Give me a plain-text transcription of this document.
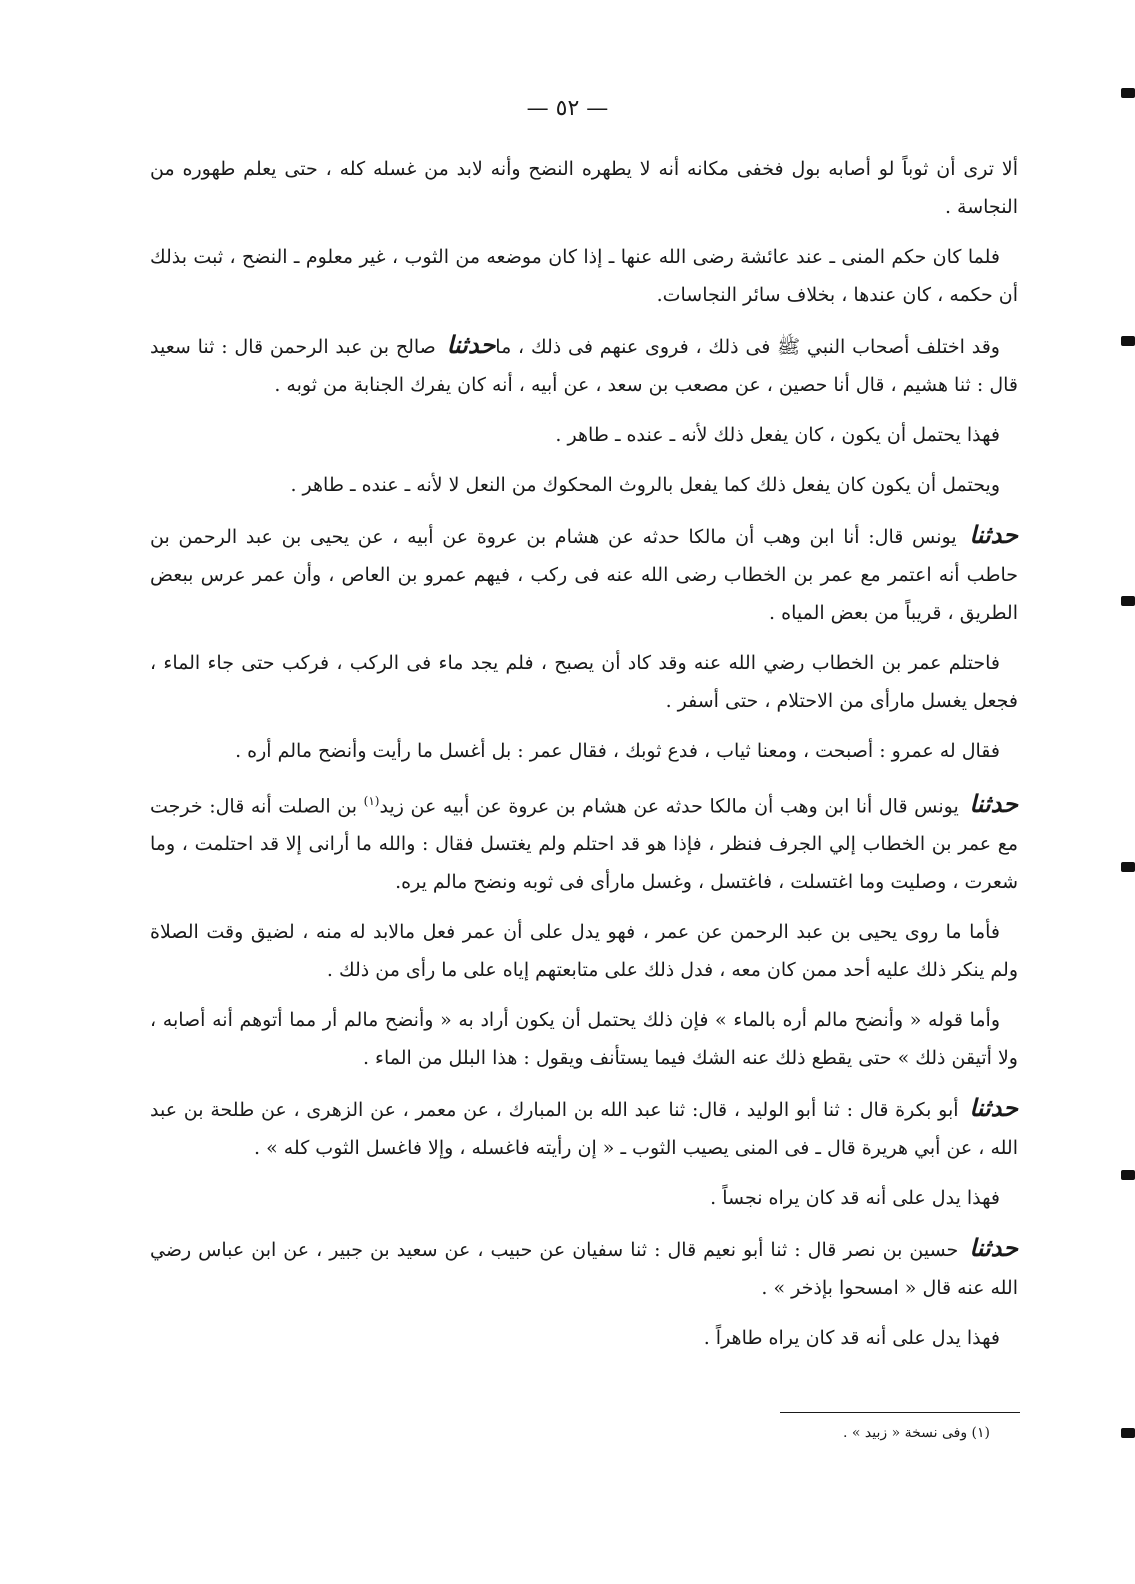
— ٥٢ —

ألا ترى أن ثوباً لو أصابه بول فخفى مكانه أنه لا يطهره النضح وأنه لابد من غسله كله ، حتى يعلم طهوره من النجاسة .

فلما كان حكم المنى ـ عند عائشة رضى الله عنها ـ إذا كان موضعه من الثوب ، غير معلوم ـ النضح ، ثبت بذلك أن حكمه ، كان عندها ، بخلاف سائر النجاسات.

وقد اختلف أصحاب النبي ﷺ فى ذلك ، فروى عنهم فى ذلك ، ماحدثنا صالح بن عبد الرحمن قال : ثنا سعيد قال : ثنا هشيم ، قال أنا حصين ، عن مصعب بن سعد ، عن أبيه ، أنه كان يفرك الجنابة من ثوبه .

فهذا يحتمل أن يكون ، كان يفعل ذلك لأنه ـ عنده ـ طاهر .

ويحتمل أن يكون كان يفعل ذلك كما يفعل بالروث المحكوك من النعل لا لأنه ـ عنده ـ طاهر .

حدثنا يونس قال: أنا ابن وهب أن مالكا حدثه عن هشام بن عروة عن أبيه ، عن يحيى بن عبد الرحمن بن حاطب أنه اعتمر مع عمر بن الخطاب رضى الله عنه فى ركب ، فيهم عمرو بن العاص ، وأن عمر عرس ببعض الطريق ، قريباً من بعض المياه .

فاحتلم عمر بن الخطاب رضي الله عنه وقد كاد أن يصبح ، فلم يجد ماء فى الركب ، فركب حتى جاء الماء ، فجعل يغسل مارأى من الاحتلام ، حتى أسفر .

فقال له عمرو : أصبحت ، ومعنا ثياب ، فدع ثوبك ، فقال عمر : بل أغسل ما رأيت وأنضح مالم أره .

حدثنا يونس قال أنا ابن وهب أن مالكا حدثه عن هشام بن عروة عن أبيه عن زيد$^{(١)}$ بن الصلت أنه قال: خرجت مع عمر بن الخطاب إلي الجرف فنظر ، فإذا هو قد احتلم ولم يغتسل فقال : والله ما أرانى إلا قد احتلمت ، وما شعرت ، وصليت وما اغتسلت ، فاغتسل ، وغسل مارأى فى ثوبه ونضح مالم يره.

فأما ما روى يحيى بن عبد الرحمن عن عمر ، فهو يدل على أن عمر فعل مالابد له منه ، لضيق وقت الصلاة ولم ينكر ذلك عليه أحد ممن كان معه ، فدل ذلك على متابعتهم إياه على ما رأى من ذلك .

وأما قوله « وأنضح مالم أره بالماء » فإن ذلك يحتمل أن يكون أراد به « وأنضح مالم أر مما أتوهم أنه أصابه ، ولا أتيقن ذلك » حتى يقطع ذلك عنه الشك فيما يستأنف ويقول : هذا البلل من الماء .

حدثنا أبو بكرة قال : ثنا أبو الوليد ، قال: ثنا عبد الله بن المبارك ، عن معمر ، عن الزهرى ، عن طلحة بن عبد الله ، عن أبي هريرة قال ـ فى المنى يصيب الثوب ـ « إن رأيته فاغسله ، وإلا فاغسل الثوب كله » .

فهذا يدل على أنه قد كان يراه نجساً .

حدثنا حسين بن نصر قال : ثنا أبو نعيم قال : ثنا سفيان عن حبيب ، عن سعيد بن جبير ، عن ابن عباس رضي الله عنه قال « امسحوا بإذخر » .

فهذا يدل على أنه قد كان يراه طاهراً .

(١) وفى نسخة « زبيد » .
